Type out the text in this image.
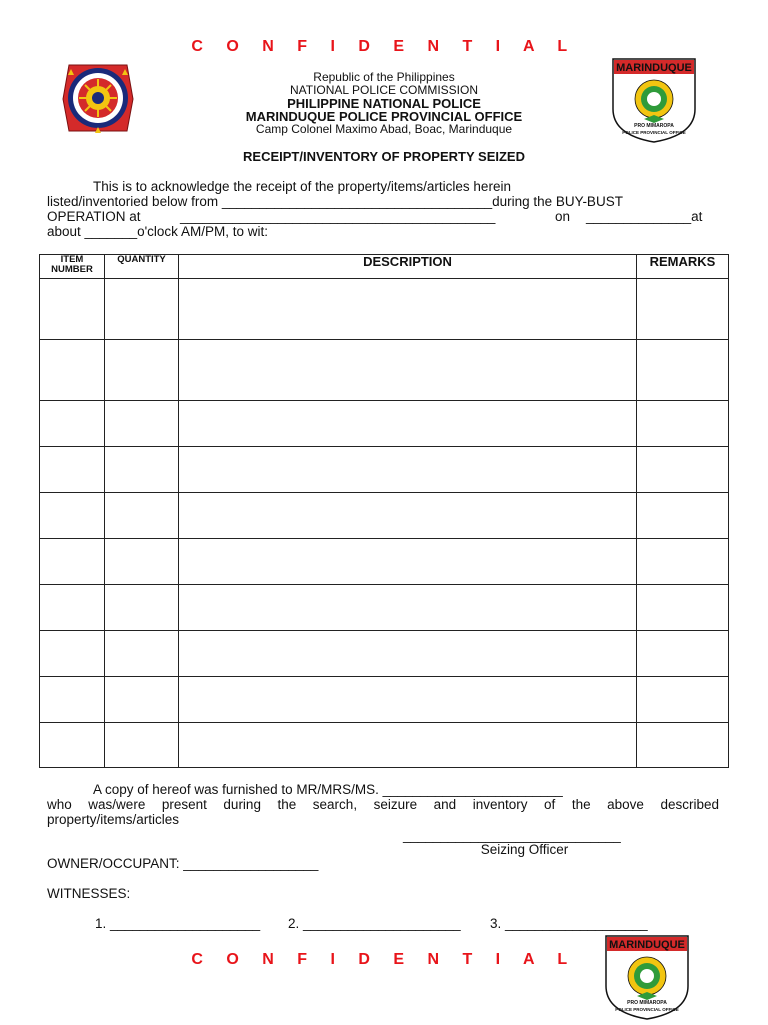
C O N F I D E N T I A L
MARINDUQUE
PRO MIMAROPA
POLICE PROVINCIAL OFFICE
Republic of the Philippines
NATIONAL POLICE COMMISSION
PHILIPPINE NATIONAL POLICE
MARINDUQUE POLICE PROVINCIAL OFFICE
Camp Colonel Maximo Abad, Boac, Marinduque
RECEIPT/INVENTORY OF PROPERTY SEIZED
This is to acknowledge the receipt of the property/items/articles herein
listed/inventoried below from ____________________________________during the BUY-BUST
OPERATION at	__________________________________________	on ______________at
about _______o'clock AM/PM, to wit:
ITEM NUMBER	QUANTITY	DESCRIPTION	REMARKS

A copy of hereof was furnished to MR/MRS/MS. ________________________
who was/were present during the search, seizure and inventory of the above described
property/items/articles
_____________________________
Seizing Officer
OWNER/OCCUPANT: __________________
WITNESSES:
1. ____________________ 2. _____________________ 3. ___________________
C O N F I D E N T I A L
MARINDUQUE
PRO MIMAROPA
POLICE PROVINCIAL OFFICE
